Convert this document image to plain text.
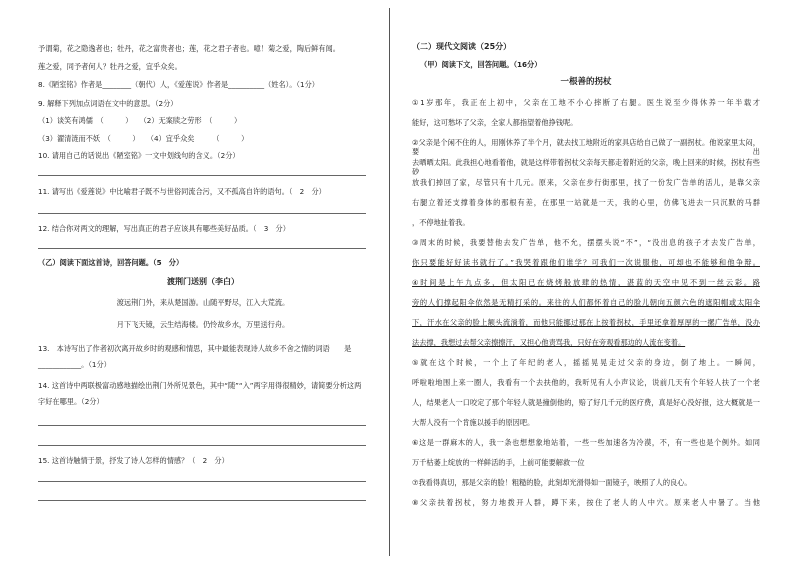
予谓菊，花之隐逸者也；牡丹，花之富贵者也；莲，花之君子者也。噫！菊之爱，陶后鲜有闻。
莲之爱，同予者何人？牡丹之爱，宜乎众矣。
8.《陋室铭》作者是________（朝代）人，《爱莲说》作者是__________（姓名）。（1分）
9. 解释下列加点词语在文中的意思。（2分）
（1）谈笑有鸿儒　（　　　）　　（2）无案牍之劳形　（　　　）
（3）濯清涟而不妖　（　　　）　　（4）宜乎众矣　　　（　　　）
10. 请用自己的话说出《陋室铭》一文中划线句的含义。（2分）
11. 请写出《爱莲说》中比喻君子既不与世俗同流合污，又不孤高自许的语句。（　2　分）
12. 结合你对两文的理解，写出真正的君子应该具有哪些美好品质。（　3　分）
（乙）阅读下面这首诗，回答问题。（5　分）
渡荆门送别（李白）
渡远荆门外，来从楚国游。山随平野尽，江入大荒流。
月下飞天镜，云生结海楼。仍怜故乡水，万里送行舟。
13.　本诗写出了作者初次离开故乡时的观感和情思，其中最能表现诗人故乡不舍之情的词语　　是
____________。（1分）
14. 这首诗中两联极富动感地描绘出荆门外所见景色，其中“随”“入”两字用得很精妙，请简要分析这两
字好在哪里。（2分）
15. 这首诗触情于景，抒发了诗人怎样的情感？（　2　分）
（二）现代文阅读（25分）
（甲）阅读下文，回答问题。（16分）
一根善的拐杖
①1岁那年，我正在上初中，父亲在工地不小心摔断了右腿。医生说至少得休养一年半载才
能好，这可愁坏了父亲，全家人都指望着他挣钱呢。
②父亲是个闲不住的人，用刚休养了半个月，就去找工地附近的家具店给自己做了一副拐杖。他说家里太闷，要出
去晒晒太阳。此我担心地看着他，就是这样带着拐杖父亲每天都走着附近的父亲，晚上回来的时候，拐杖有些砂
放我们掉回了家，尽管只有十几元。原来，父亲在步行街那里，找了一份发广告单的活儿，是靠父亲
右腿立着还支撑着身体的那根有差，在那里一站就是一天，我的心里，仿佛飞进去一只沉默的马群
，不停地扯着我。
③周末的时候，我要替他去发广告单，他不允，摆摆头说“不”，“没出息的孩子才去发广告单，
你只要能好好读书就行了。”我哭着跟他们谁学？可我们一次说服他，可却也不能够和他争辩。
④时间是上午九点多，但太阳已在烧烤般放肆的热情，湛蓝的天空中见不到一丝云彩。路
旁的人们撑起阳伞依然是无精打采的。来往的人们都怀着自己的脸儿朝向五颜六色的遮阳帽或太阳伞
下，汗水在父亲的脸上额头流淌着，而他只能挪过那在上按着拐杖，手里还拿着厚厚的一摞广告单，没办
法去撑，我想过去帮父亲擦擦汗，又担心他责骂我，只好在旁观看那边的人流在变着。
⑤就在这个时候，一个上了年纪的老人，摇摇晃晃走过父亲的身边，倒了地上。一瞬间，
呼啦啦地围上来一圈人，我看有一个去扶他的，我听见有人小声议论，说前几天有个年轻人扶了一个老
人，结果老人一口咬定了那个年轻人就是撞倒他的，赔了好几千元的医疗费，真是好心没好报，这大概就是一
大帮人没有一个肯施以援手的原因吧。
⑥这是一群麻木的人，我一条也想想象地站着，一些一些加速各为冷漠，不，有一些也是个例外。如同
万千枯萎上绽放的一样鲜活的手，上前可能要解救一位
⑦我看得真切，那是父亲的脸！粗糙的脸，此刻却光滑得如一面镜子，映照了人的良心。
⑧父亲扶着拐杖，努力地拨开人群，蹲下来，按住了老人的人中穴。原来老人中暑了。当他
